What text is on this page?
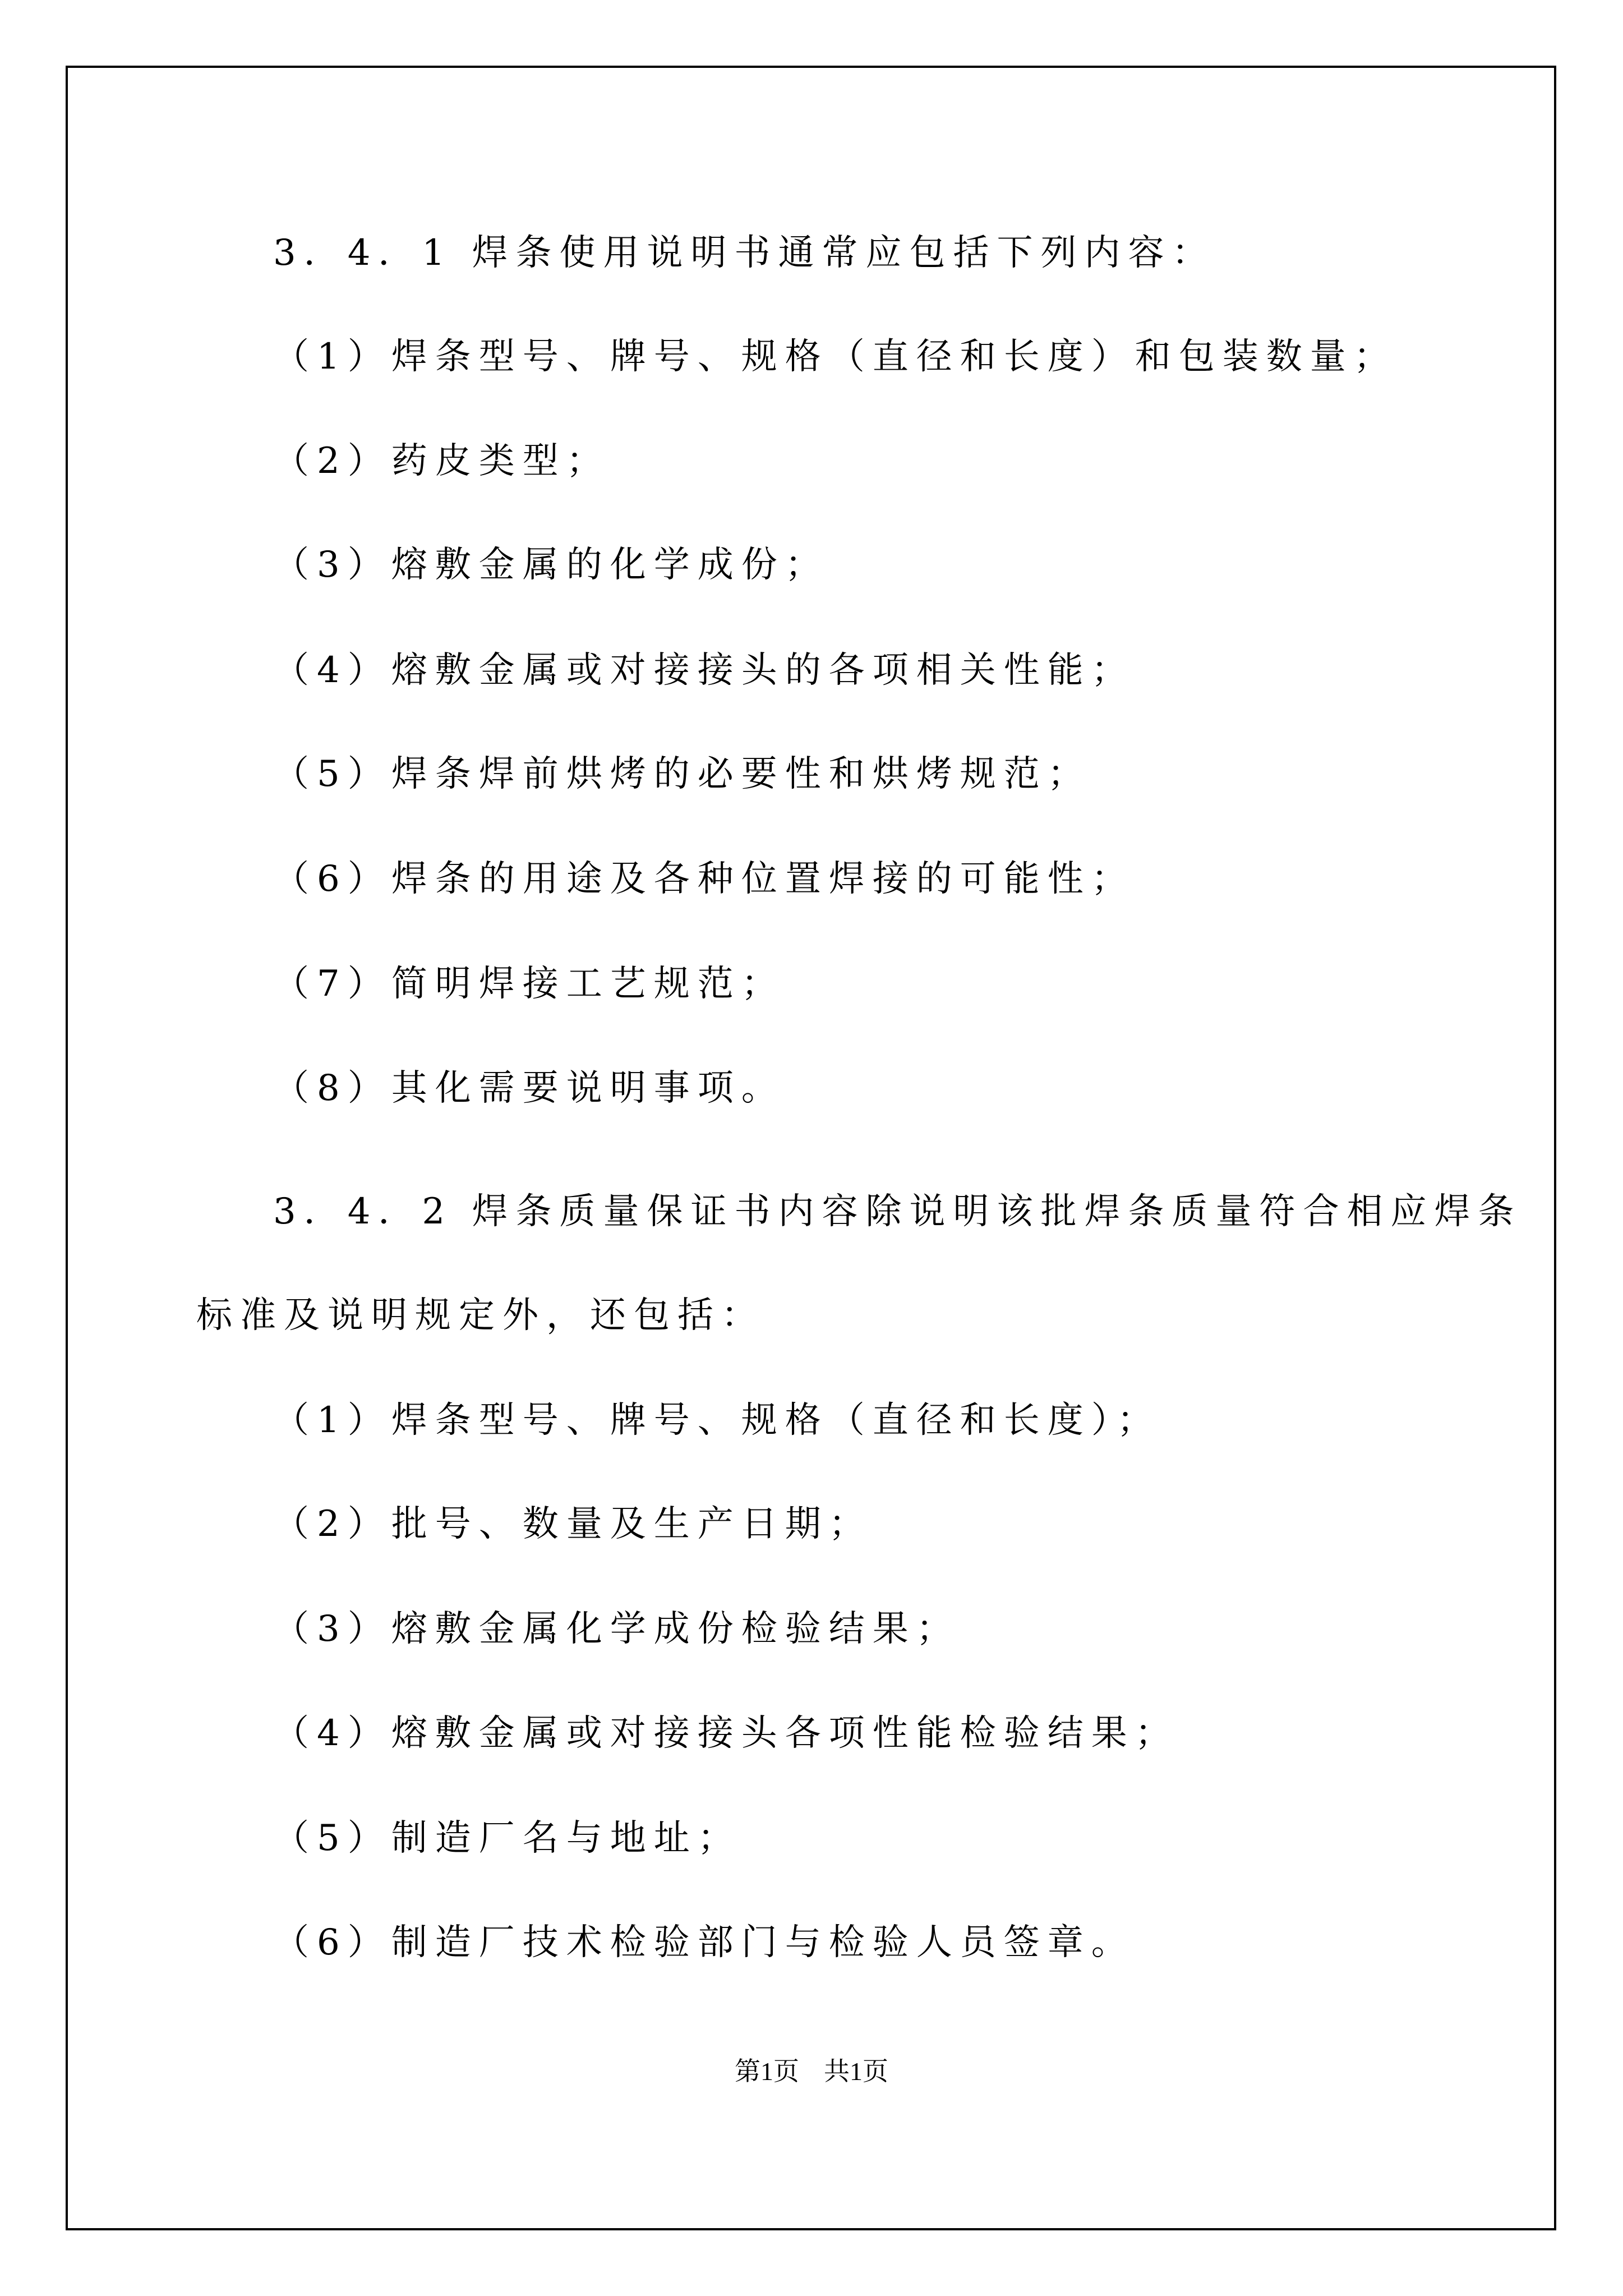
3．4．1 焊条使用说明书通常应包括下列内容：
（1）焊条型号、牌号、规格（直径和长度）和包装数量；
（2）药皮类型；
（3）熔敷金属的化学成份；
（4）熔敷金属或对接接头的各项相关性能；
（5）焊条焊前烘烤的必要性和烘烤规范；
（6）焊条的用途及各种位置焊接的可能性；
（7）简明焊接工艺规范；
（8）其化需要说明事项。
3．4．2 焊条质量保证书内容除说明该批焊条质量符合相应焊条
标准及说明规定外，还包括：
（1）焊条型号、牌号、规格（直径和长度）；
（2）批号、数量及生产日期；
（3）熔敷金属化学成份检验结果；
（4）熔敷金属或对接接头各项性能检验结果；
（5）制造厂名与地址；
（6）制造厂技术检验部门与检验人员签章。
第1页 共1页
